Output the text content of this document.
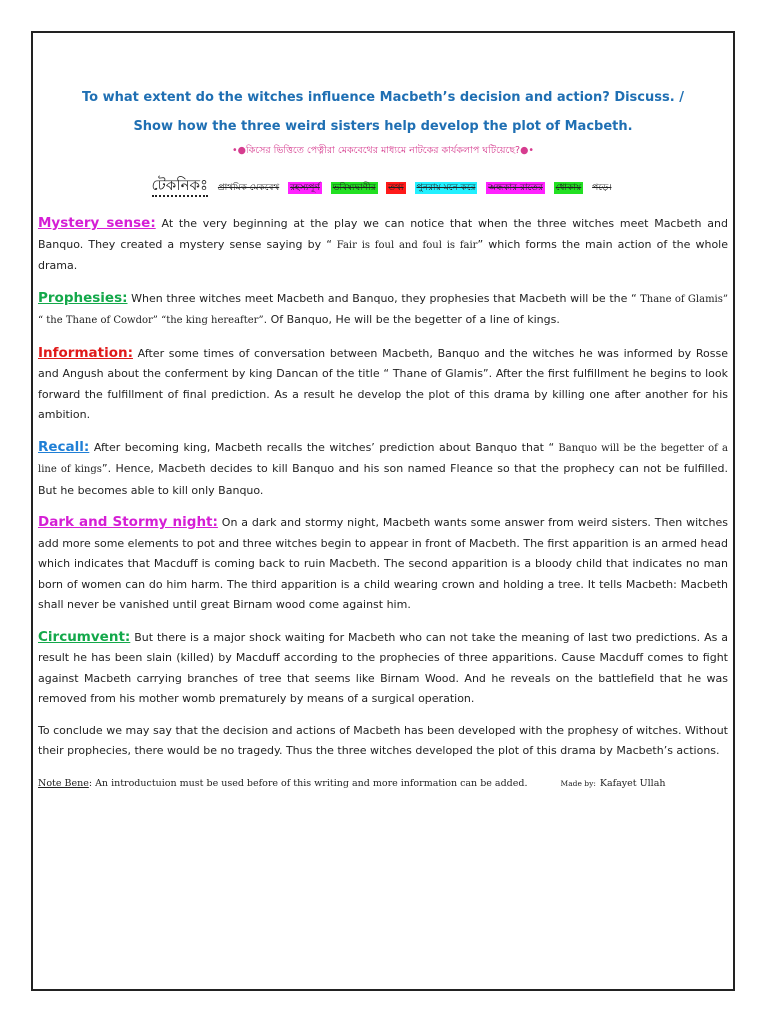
To what extent do the witches influence Macbeth’s decision and action? Discuss. /

Show how the three weird sisters help develop the plot of Macbeth.

•●কিসের ভিত্তিতে পেত্নীরা মেকবেথের মাধ্যমে নাটকের কার্যকলাপ ঘটিয়েছে?●•
টেকনিকঃ প্রাথমিক মেকবেথ রহস্যপূর্ণ ভবিষ্যদ্বাণীর তথ্য পুনরায় মনে করে অন্ধকার রাতের ধোকায় পড়ে।

Mystery sense: At the very beginning at the play we can notice that when the three witches meet Macbeth and Banquo. They created a mystery sense saying by “ Fair is foul and foul is fair” which forms the main action of the whole drama.

Prophesies: When three witches meet Macbeth and Banquo, they prophesies that Macbeth will be the “ Thane of Glamis” “ the Thane of Cowdor” “the king hereafter”. Of Banquo, He will be the begetter of a line of kings.

Information: After some times of conversation between Macbeth, Banquo and the witches he was informed by Rosse and Angush about the conferment by king Dancan of the title “ Thane of Glamis”. After the first fulfillment he begins to look forward the fulfillment of final prediction. As a result he develop the plot of this drama by killing one after another for his ambition.

Recall: After becoming king, Macbeth recalls the witches’ prediction about Banquo that “ Banquo will be the begetter of a line of kings”. Hence, Macbeth decides to kill Banquo and his son named Fleance so that the prophecy can not be fulfilled. But he becomes able to kill only Banquo.

Dark and Stormy night: On a dark and stormy night, Macbeth wants some answer from weird sisters. Then witches add more some elements to pot and three witches begin to appear in front of Macbeth. The first apparition is an armed head which indicates that Macduff is coming back to ruin Macbeth. The second apparition is a bloody child that indicates no man born of women can do him harm. The third apparition is a child wearing crown and holding a tree. It tells Macbeth: Macbeth shall never be vanished until great Birnam wood come against him.

Circumvent: But there is a major shock waiting for Macbeth who can not take the meaning of last two predictions. As a result he has been slain (killed) by Macduff according to the prophecies of three apparitions. Cause Macduff comes to fight against Macbeth carrying branches of tree that seems like Birnam Wood. And he reveals on the battlefield that he was removed from his mother womb prematurely by means of a surgical operation.

To conclude we may say that the decision and actions of Macbeth has been developed with the prophesy of witches. Without their prophecies, there would be no tragedy. Thus the three witches developed the plot of this drama by Macbeth’s actions.

Note Bene: An introductuion must be used before of this writing and more information can be added.	Made by: Kafayet Ullah
